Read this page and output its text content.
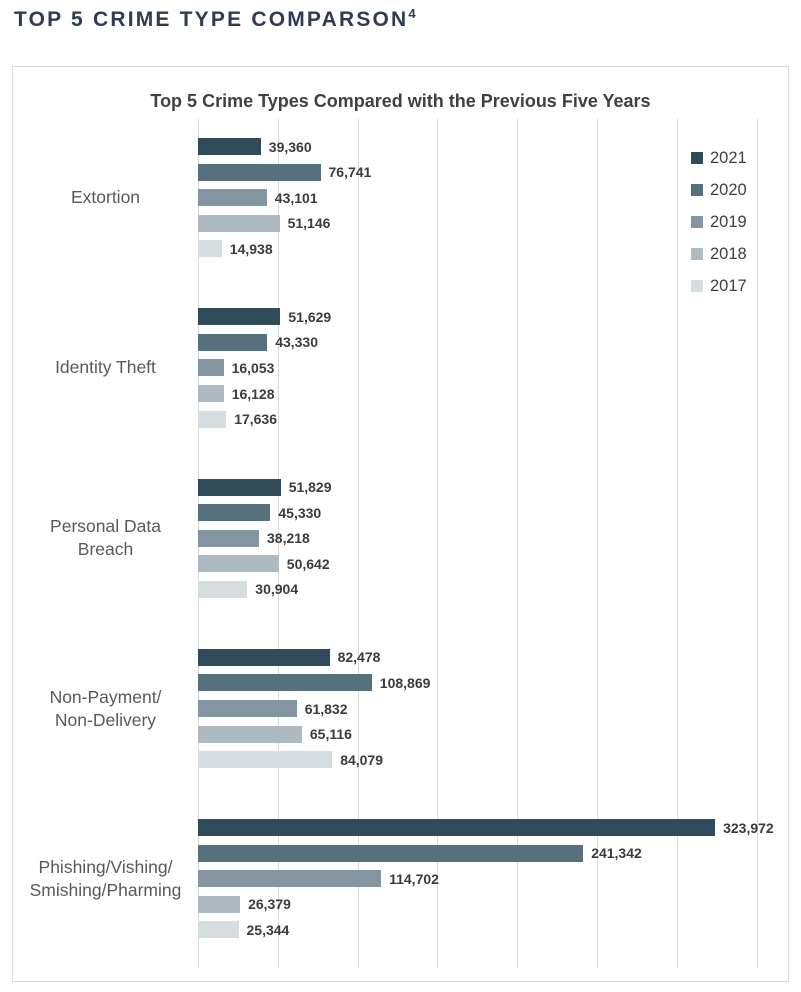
TOP 5 CRIME TYPE COMPARSON$^4$
Top 5 Crime Types Compared with the Previous Five Years
39,360
76,741
43,101
51,146
14,938
51,629
43,330
16,053
16,128
17,636
51,829
45,330
38,218
50,642
30,904
82,478
108,869
61,832
65,116
84,079
323,972
241,342
114,702
26,379
25,344
Extortion
Identity Theft
Personal Data
Breach
Non-Payment/
Non-Delivery
Phishing/Vishing/
Smishing/Pharming
2021
2020
2019
2018
2017
